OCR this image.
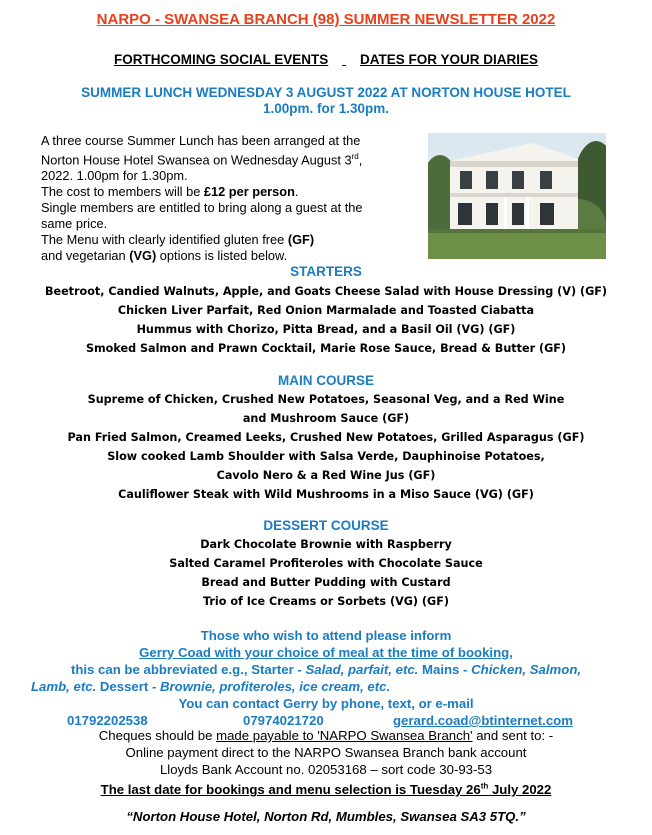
NARPO - SWANSEA BRANCH (98) SUMMER NEWSLETTER 2022
FORTHCOMING SOCIAL EVENTS DATES FOR YOUR DIARIES
SUMMER LUNCH WEDNESDAY 3 AUGUST 2022 AT NORTON HOUSE HOTEL
1.00pm. for 1.30pm.
A three course Summer Lunch has been arranged at the
Norton House Hotel Swansea on Wednesday August 3rd,
2022. 1.00pm for 1.30pm.
The cost to members will be £12 per person.
Single members are entitled to bring along a guest at the
same price.
The Menu with clearly identified gluten free (GF)
and vegetarian (VG) options is listed below.
STARTERS
Beetroot, Candied Walnuts, Apple, and Goats Cheese Salad with House Dressing (V) (GF)
Chicken Liver Parfait, Red Onion Marmalade and Toasted Ciabatta
Hummus with Chorizo, Pitta Bread, and a Basil Oil (VG) (GF)
Smoked Salmon and Prawn Cocktail, Marie Rose Sauce, Bread & Butter (GF)
MAIN COURSE
Supreme of Chicken, Crushed New Potatoes, Seasonal Veg, and a Red Wine
and Mushroom Sauce (GF)
Pan Fried Salmon, Creamed Leeks, Crushed New Potatoes, Grilled Asparagus (GF)
Slow cooked Lamb Shoulder with Salsa Verde, Dauphinoise Potatoes,
Cavolo Nero & a Red Wine Jus (GF)
Cauliflower Steak with Wild Mushrooms in a Miso Sauce (VG) (GF)
DESSERT COURSE
Dark Chocolate Brownie with Raspberry
Salted Caramel Profiteroles with Chocolate Sauce
Bread and Butter Pudding with Custard
Trio of Ice Creams or Sorbets (VG) (GF)
Those who wish to attend please inform
Gerry Coad with your choice of meal at the time of booking,
this can be abbreviated e.g., Starter - Salad, parfait, etc. Mains - Chicken, Salmon,
Lamb, etc. Dessert - Brownie, profiteroles, ice cream, etc.
You can contact Gerry by phone, text, or e-mail
01792202538	07974021720	gerard.coad@btinternet.com
Cheques should be made payable to 'NARPO Swansea Branch' and sent to: -
Online payment direct to the NARPO Swansea Branch bank account
Lloyds Bank Account no. 02053168 – sort code 30-93-53
The last date for bookings and menu selection is Tuesday 26th July 2022
“Norton House Hotel, Norton Rd, Mumbles, Swansea SA3 5TQ.”
